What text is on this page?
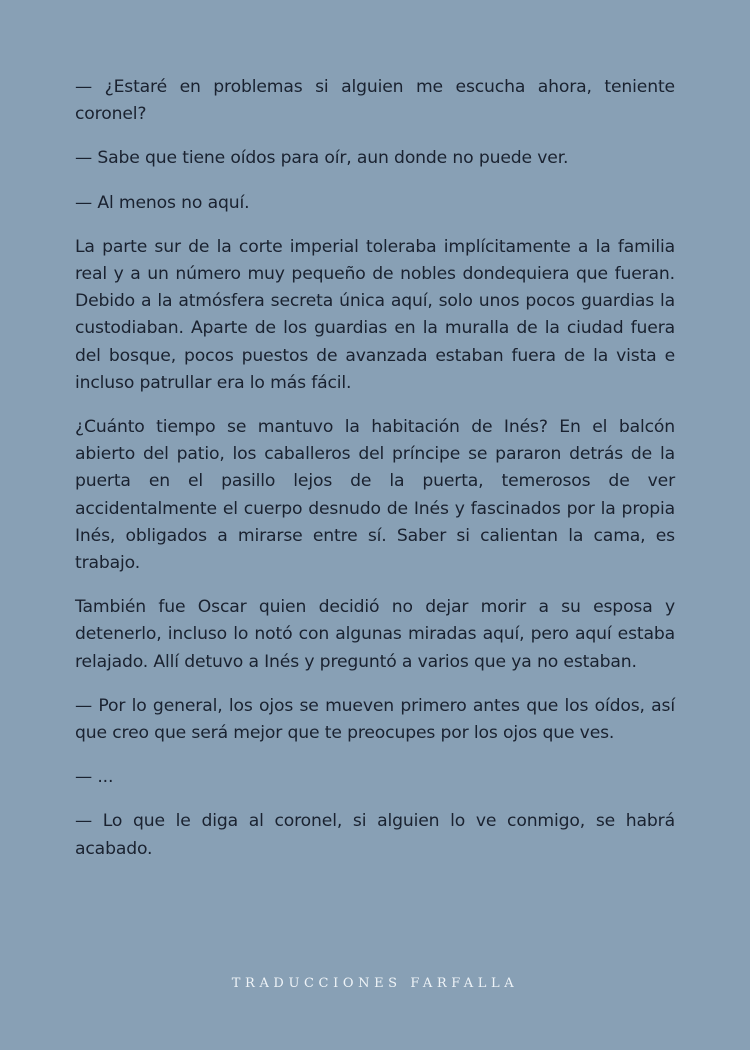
— ¿Estaré en problemas si alguien me escucha ahora, teniente coronel?

— Sabe que tiene oídos para oír, aun donde no puede ver.

— Al menos no aquí.

La parte sur de la corte imperial toleraba implícitamente a la familia real y a un número muy pequeño de nobles dondequiera que fueran. Debido a la atmósfera secreta única aquí, solo unos pocos guardias la custodiaban. Aparte de los guardias en la muralla de la ciudad fuera del bosque, pocos puestos de avanzada estaban fuera de la vista e incluso patrullar era lo más fácil.

¿Cuánto tiempo se mantuvo la habitación de Inés? En el balcón abierto del patio, los caballeros del príncipe se pararon detrás de la puerta en el pasillo lejos de la puerta, temerosos de ver accidentalmente el cuerpo desnudo de Inés y fascinados por la propia Inés, obligados a mirarse entre sí. Saber si calientan la cama, es trabajo.

También fue Oscar quien decidió no dejar morir a su esposa y detenerlo, incluso lo notó con algunas miradas aquí, pero aquí estaba relajado. Allí detuvo a Inés y preguntó a varios que ya no estaban.

— Por lo general, los ojos se mueven primero antes que los oídos, así que creo que será mejor que te preocupes por los ojos que ves.

— ...

— Lo que le diga al coronel, si alguien lo ve conmigo, se habrá acabado.

TRADUCCIONES FARFALLA
